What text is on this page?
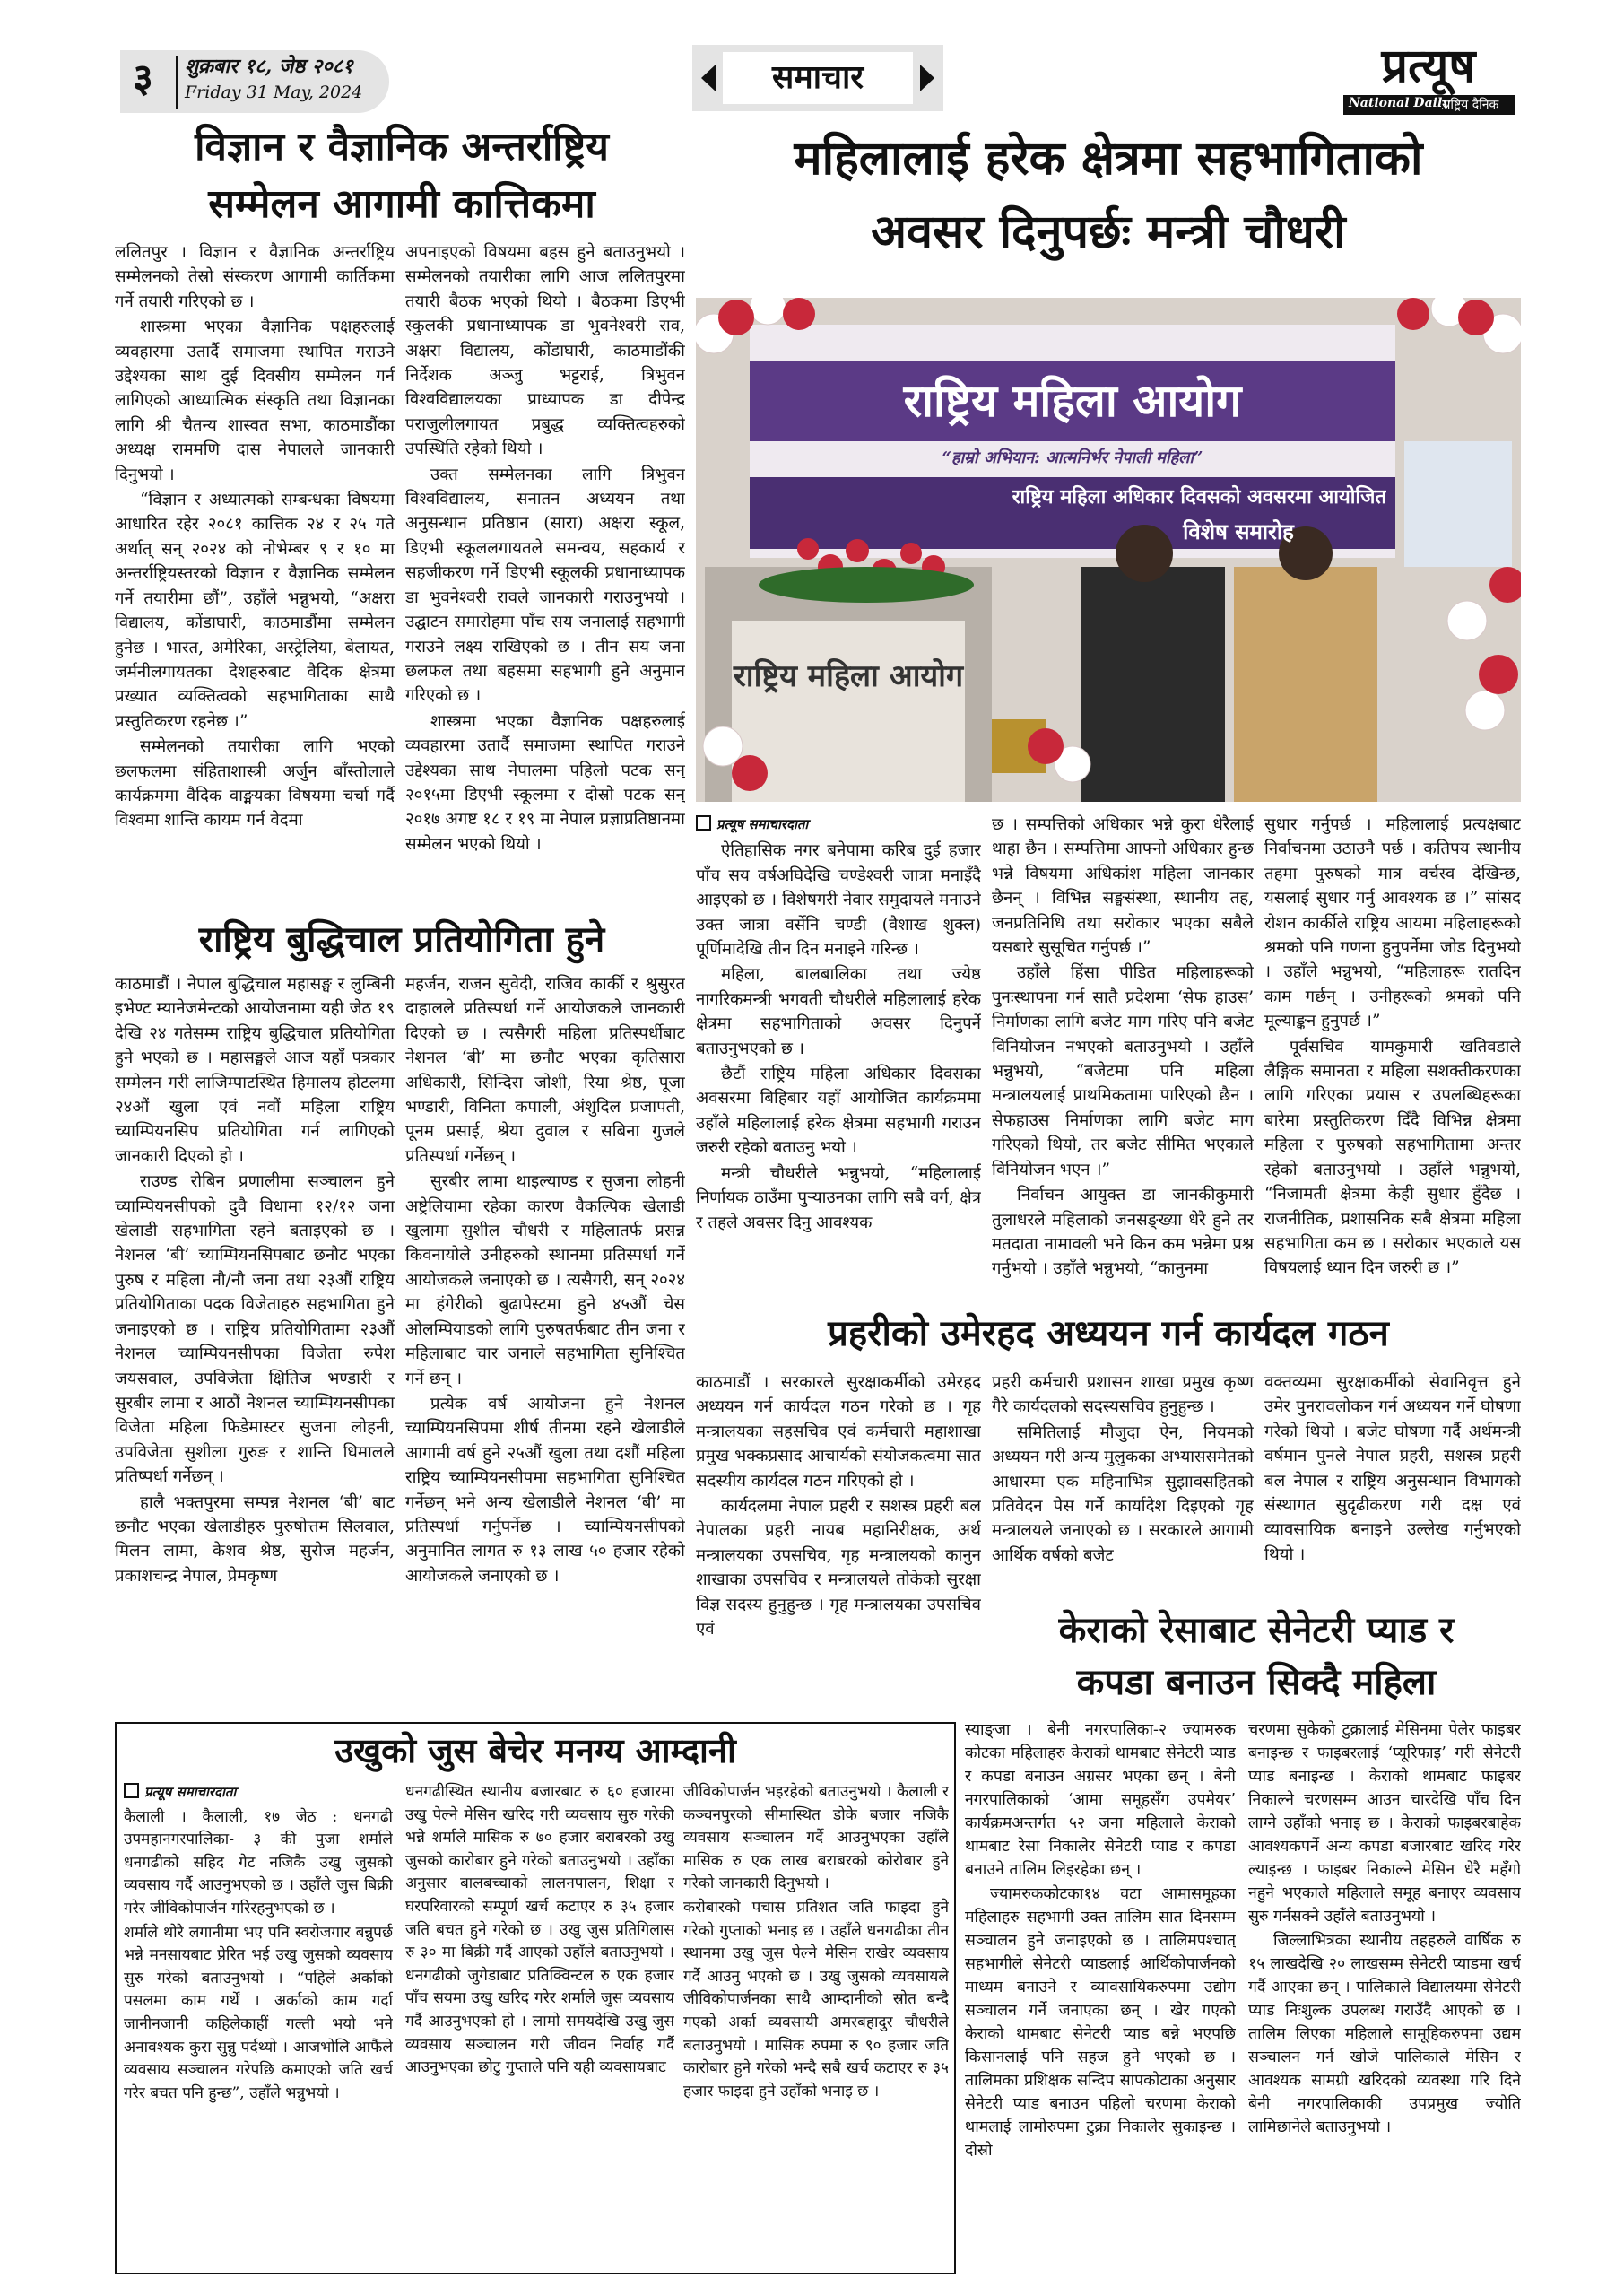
३ शुक्रबार १८, जेष्ठ २०८१
Friday 31 May, 2024	समाचार	प्रत्यूष
National Daily
राष्ट्रिय दैनिक
विज्ञान र वैज्ञानिक अन्तर्राष्ट्रिय
सम्मेलन आगामी कात्तिकमा

ललितपुर । विज्ञान र वैज्ञानिक अन्तर्राष्ट्रिय सम्मेलनको तेस्रो संस्करण आगामी कार्तिकमा गर्ने तयारी गरिएको छ ।

शास्त्रमा भएका वैज्ञानिक पक्षहरुलाई व्यवहारमा उतार्दै समाजमा स्थापित गराउने उद्देश्यका साथ दुई दिवसीय सम्मेलन गर्न लागिएको आध्यात्मिक संस्कृति तथा विज्ञानका लागि श्री चैतन्य शास्वत सभा, काठमाडौंका अध्यक्ष राममणि दास नेपालले जानकारी दिनुभयो ।

“विज्ञान र अध्यात्मको सम्बन्धका विषयमा आधारित रहेर २०८१ कात्तिक २४ र २५ गते अर्थात् सन् २०२४ को नोभेम्बर ९ र १० मा अन्तर्राष्ट्रियस्तरको विज्ञान र वैज्ञानिक सम्मेलन गर्ने तयारीमा छौं”, उहाँले भन्नुभयो, “अक्षरा विद्यालय, कोंडाघारी, काठमाडौंमा सम्मेलन हुनेछ । भारत, अमेरिका, अस्ट्रेलिया, बेलायत, जर्मनीलगायतका देशहरुबाट वैदिक क्षेत्रमा प्रख्यात व्यक्तित्वको सहभागिताका साथै प्रस्तुतिकरण रहनेछ ।”

सम्मेलनको तयारीका लागि भएको छलफलमा संहिताशास्त्री अर्जुन बाँस्तोलाले कार्यक्रममा वैदिक वाङ्मयका विषयमा चर्चा गर्दै विश्वमा शान्ति कायम गर्न वेदमा

अपनाइएको विषयमा बहस हुने बताउनुभयो । सम्मेलनको तयारीका लागि आज ललितपुरमा तयारी बैठक भएको थियो । बैठकमा डिएभी स्कुलकी प्रधानाध्यापक डा भुवनेश्वरी राव, अक्षरा विद्यालय, कोंडाघारी, काठमाडौंकी निर्देशक अञ्जु भट्टराई, त्रिभुवन विश्वविद्यालयका प्राध्यापक डा दीपेन्द्र पराजुलीलगायत प्रबुद्ध व्यक्तित्वहरुको उपस्थिति रहेको थियो ।

उक्त सम्मेलनका लागि त्रिभुवन विश्वविद्यालय, सनातन अध्ययन तथा अनुसन्धान प्रतिष्ठान (सारा) अक्षरा स्कूल, डिएभी स्कूललगायतले समन्वय, सहकार्य र सहजीकरण गर्ने डिएभी स्कूलकी प्रधानाध्यापक डा भुवनेश्वरी रावले जानकारी गराउनुभयो । उद्घाटन समारोहमा पाँच सय जनालाई सहभागी गराउने लक्ष्य राखिएको छ । तीन सय जना छलफल तथा बहसमा सहभागी हुने अनुमान गरिएको छ ।

शास्त्रमा भएका वैज्ञानिक पक्षहरुलाई व्यवहारमा उतार्दै समाजमा स्थापित गराउने उद्देश्यका साथ नेपालमा पहिलो पटक सन् २०१५मा डिएभी स्कूलमा र दोस्रो पटक सन् २०१७ अगष्ट १८ र १९ मा नेपाल प्रज्ञाप्रतिष्ठानमा सम्मेलन भएको थियो ।

राष्ट्रिय बुद्धिचाल प्रतियोगिता हुने

काठमाडौं । नेपाल बुद्धिचाल महासङ्घ र लुम्बिनी इभेण्ट म्यानेजमेन्टको आयोजनामा यही जेठ १९ देखि २४ गतेसम्म राष्ट्रिय बुद्धिचाल प्रतियोगिता हुने भएको छ । महासङ्घले आज यहाँ पत्रकार सम्मेलन गरी लाजिम्पाटस्थित हिमालय होटलमा २४औं खुला एवं नवौं महिला राष्ट्रिय च्याम्पियनसिप प्रतियोगिता गर्न लागिएको जानकारी दिएको हो ।

राउण्ड रोबिन प्रणालीमा सञ्चालन हुने च्याम्पियनसीपको दुवै विधामा १२/१२ जना खेलाडी सहभागिता रहने बताइएको छ । नेशनल ‘बी’ च्याम्पियनसिपबाट छनौट भएका पुरुष र महिला नौ/नौ जना तथा २३औं राष्ट्रिय प्रतियोगिताका पदक विजेताहरु सहभागिता हुने जनाइएको छ । राष्ट्रिय प्रतियोगितामा २३औं नेशनल च्याम्पियनसीपका विजेता रुपेश जयसवाल, उपविजेता क्षितिज भण्डारी र सुरबीर लामा र आठौं नेशनल च्याम्पियनसीपका विजेता महिला फिडेमास्टर सुजना लोहनी, उपविजेता सुशीला गुरुङ र शान्ति धिमालले प्रतिष्पर्धा गर्नेछन् ।

हालै भक्तपुरमा सम्पन्न नेशनल ‘बी’ बाट छनौट भएका खेलाडीहरु पुरुषोत्तम सिलवाल, मिलन लामा, केशव श्रेष्ठ, सुरोज महर्जन, प्रकाशचन्द्र नेपाल, प्रेमकृष्ण

महर्जन, राजन सुवेदी, राजिव कार्की र श्रुसुरत दाहालले प्रतिस्पर्धा गर्ने आयोजकले जानकारी दिएको छ । त्यसैगरी महिला प्रतिस्पर्धीबाट नेशनल ‘बी’ मा छनौट भएका कृतिसारा अधिकारी, सिन्दिरा जोशी, रिया श्रेष्ठ, पूजा भण्डारी, विनिता कपाली, अंशुदिल प्रजापती, पूनम प्रसाई, श्रेया दुवाल र सबिना गुजले प्रतिस्पर्धा गर्नेछन् ।

सुरबीर लामा थाइल्याण्ड र सुजना लोहनी अष्ट्रेलियामा रहेका कारण वैकल्पिक खेलाडी खुलामा सुशील चौधरी र महिलातर्फ प्रसन्न किवनायोले उनीहरुको स्थानमा प्रतिस्पर्धा गर्ने आयोजकले जनाएको छ । त्यसैगरी, सन् २०२४ मा हंगेरीको बुढापेस्टमा हुने ४५औं चेस ओलम्पियाडको लागि पुरुषतर्फबाट तीन जना र महिलाबाट चार जनाले सहभागिता सुनिश्चित गर्ने छन् ।

प्रत्येक वर्ष आयोजना हुने नेशनल च्याम्पियनसिपमा शीर्ष तीनमा रहने खेलाडीले आगामी वर्ष हुने २५औं खुला तथा दशौं महिला राष्ट्रिय च्याम्पियनसीपमा सहभागिता सुनिश्चित गर्नेछन् भने अन्य खेलाडीले नेशनल ‘बी’ मा प्रतिस्पर्धा गर्नुपर्नेछ । च्याम्पियनसीपको अनुमानित लागत रु १३ लाख ५० हजार रहेको आयोजकले जनाएको छ ।

महिलालाई हरेक क्षेत्रमा सहभागिताको
अवसर दिनुपर्छः मन्त्री चौधरी
राष्ट्रिय महिला आयोग
“हाम्रो अभियान: आत्मनिर्भर नेपाली महिला”
राष्ट्रिय महिला अधिकार दिवसको अवसरमा आयोजित
विशेष समारोह
राष्ट्रिय महिला आयोग
प्रत्यूष समाचारदाता

ऐतिहासिक नगर बनेपामा करिब दुई हजार पाँच सय वर्षअघिदेखि चण्डेश्वरी जात्रा मनाइँदै आइएको छ । विशेषगरी नेवार समुदायले मनाउने उक्त जात्रा वर्सेनि चण्डी (वैशाख शुक्ल) पूर्णिमादेखि तीन दिन मनाइने गरिन्छ ।

महिला, बालबालिका तथा ज्येष्ठ नागरिकमन्त्री भगवती चौधरीले महिलालाई हरेक क्षेत्रमा सहभागिताको अवसर दिनुपर्ने बताउनुभएको छ ।

छैटौं राष्ट्रिय महिला अधिकार दिवसका अवसरमा बिहिबार यहाँ आयोजित कार्यक्रममा उहाँले महिलालाई हरेक क्षेत्रमा सहभागी गराउन जरुरी रहेको बताउनु भयो ।

मन्त्री चौधरीले भन्नुभयो, “महिलालाई निर्णायक ठाउँमा पुऱ्याउनका लागि सबै वर्ग, क्षेत्र र तहले अवसर दिनु आवश्यक

छ । सम्पत्तिको अधिकार भन्ने कुरा धेरैलाई थाहा छैन । सम्पत्तिमा आफ्नो अधिकार हुन्छ भन्ने विषयमा अधिकांश महिला जानकार छैनन् । विभिन्न सङ्घसंस्था, स्थानीय तह, जनप्रतिनिधि तथा सरोकार भएका सबैले यसबारे सुसूचित गर्नुपर्छ ।”

उहाँले हिंसा पीडित महिलाहरूको पुनःस्थापना गर्न सातै प्रदेशमा ‘सेफ हाउस’ निर्माणका लागि बजेट माग गरिए पनि बजेट विनियोजन नभएको बताउनुभयो । उहाँले भन्नुभयो, “बजेटमा पनि महिला मन्त्रालयलाई प्राथमिकतामा पारिएको छैन । सेफहाउस निर्माणका लागि बजेट माग गरिएको थियो, तर बजेट सीमित भएकाले विनियोजन भएन ।”

निर्वाचन आयुक्त डा जानकीकुमारी तुलाधरले महिलाको जनसङ्ख्या धेरै हुने तर मतदाता नामावली भने किन कम भन्नेमा प्रश्न गर्नुभयो । उहाँले भन्नुभयो, “कानुनमा

सुधार गर्नुपर्छ । महिलालाई प्रत्यक्षबाट निर्वाचनमा उठाउनै पर्छ । कतिपय स्थानीय तहमा पुरुषको मात्र वर्चस्व देखिन्छ, यसलाई सुधार गर्नु आवश्यक छ ।” सांसद रोशन कार्कीले राष्ट्रिय आयमा महिलाहरूको श्रमको पनि गणना हुनुपर्नेमा जोड दिनुभयो । उहाँले भन्नुभयो, “महिलाहरू रातदिन काम गर्छन् । उनीहरूको श्रमको पनि मूल्याङ्कन हुनुपर्छ ।”

पूर्वसचिव यामकुमारी खतिवडाले लैङ्गिक समानता र महिला सशक्तीकरणका लागि गरिएका प्रयास र उपलब्धिहरूका बारेमा प्रस्तुतिकरण दिँदै विभिन्न क्षेत्रमा महिला र पुरुषको सहभागितामा अन्तर रहेको बताउनुभयो । उहाँले भन्नुभयो, “निजामती क्षेत्रमा केही सुधार हुँदैछ । राजनीतिक, प्रशासनिक सबै क्षेत्रमा महिला सहभागिता कम छ । सरोकार भएकाले यस विषयलाई ध्यान दिन जरुरी छ ।”

प्रहरीको उमेरहद अध्ययन गर्न कार्यदल गठन

काठमाडौं । सरकारले सुरक्षाकर्मीको उमेरहद अध्ययन गर्न कार्यदल गठन गरेको छ । गृह मन्त्रालयका सहसचिव एवं कर्मचारी महाशाखा प्रमुख भक्कप्रसाद आचार्यको संयोजकत्वमा सात सदस्यीय कार्यदल गठन गरिएको हो ।

कार्यदलमा नेपाल प्रहरी र सशस्त्र प्रहरी बल नेपालका प्रहरी नायब महानिरीक्षक, अर्थ मन्त्रालयका उपसचिव, गृह मन्त्रालयको कानुन शाखाका उपसचिव र मन्त्रालयले तोकेको सुरक्षा विज्ञ सदस्य हुनुहुन्छ । गृह मन्त्रालयका उपसचिव एवं

प्रहरी कर्मचारी प्रशासन शाखा प्रमुख कृष्ण गैरे कार्यदलको सदस्यसचिव हुनुहुन्छ ।

समितिलाई मौजुदा ऐन, नियमको अध्ययन गरी अन्य मुलुकका अभ्याससमेतको आधारमा एक महिनाभित्र सुझावसहितको प्रतिवेदन पेस गर्ने कार्यादेश दिइएको गृह मन्त्रालयले जनाएको छ । सरकारले आगामी आर्थिक वर्षको बजेट

वक्तव्यमा सुरक्षाकर्मीको सेवानिवृत्त हुने उमेर पुनरावलोकन गर्न अध्ययन गर्ने घोषणा गरेको थियो । बजेट घोषणा गर्दै अर्थमन्त्री वर्षमान पुनले नेपाल प्रहरी, सशस्त्र प्रहरी बल नेपाल र राष्ट्रिय अनुसन्धान विभागको संस्थागत सुदृढीकरण गरी दक्ष एवं व्यावसायिक बनाइने उल्लेख गर्नुभएको थियो ।

केराको रेसाबाट सेनेटरी प्याड र
कपडा बनाउन सिक्दै महिला

स्याङ्जा । बेनी नगरपालिका-२ ज्यामरुक कोटका महिलाहरु केराको थामबाट सेनेटरी प्याड र कपडा बनाउन अग्रसर भएका छन् । बेनी नगरपालिकाको ‘आमा समूहसँग उपमेयर’ कार्यक्रमअन्तर्गत ५२ जना महिलाले केराको थामबाट रेसा निकालेर सेनेटरी प्याड र कपडा बनाउने तालिम लिइरहेका छन् ।

ज्यामरुककोटका१४ वटा आमासमूहका महिलाहरु सहभागी उक्त तालिम सात दिनसम्म सञ्चालन हुने जनाइएको छ । तालिमपश्चात् सहभागीले सेनेटरी प्याडलाई आर्थिकोपार्जनको माध्यम बनाउने र व्यावसायिकरुपमा उद्योग सञ्चालन गर्ने जनाएका छन् । खेर गएको केराको थामबाट सेनेटरी प्याड बन्ने भएपछि किसानलाई पनि सहज हुने भएको छ । तालिमका प्रशिक्षक सन्दिप सापकोटाका अनुसार सेनेटरी प्याड बनाउन पहिलो चरणमा केराको थामलाई लामोरुपमा टुक्रा निकालेर सुकाइन्छ । दोस्रो

चरणमा सुकेको टुक्रालाई मेसिनमा पेलेर फाइबर बनाइन्छ र फाइबरलाई ‘प्यूरिफाइ’ गरी सेनेटरी प्याड बनाइन्छ । केराको थामबाट फाइबर निकाल्ने चरणसम्म आउन चारदेखि पाँच दिन लाग्ने उहाँको भनाइ छ । केराको फाइबरबाहेक आवश्यकपर्ने अन्य कपडा बजारबाट खरिद गरेर ल्याइन्छ । फाइबर निकाल्ने मेसिन धेरै महँगो नहुने भएकाले महिलाले समूह बनाएर व्यवसाय सुरु गर्नसक्ने उहाँले बताउनुभयो ।

जिल्लाभित्रका स्थानीय तहहरुले वार्षिक रु १५ लाखदेखि २० लाखसम्म सेनेटरी प्याडमा खर्च गर्दै आएका छन् । पालिकाले विद्यालयमा सेनेटरी प्याड निःशुल्क उपलब्ध गराउँदै आएको छ । तालिम लिएका महिलाले सामूहिकरुपमा उद्यम सञ्चालन गर्न खोजे पालिकाले मेसिन र आवश्यक सामग्री खरिदको व्यवस्था गरि दिने बेनी नगरपालिकाकी उपप्रमुख ज्योति लामिछानेले बताउनुभयो ।

उखुको जुस बेचेर मनग्य आम्दानी
प्रत्यूष समाचारदाता

कैलाली । कैलाली, १७ जेठ : धनगढी उपमहानगरपालिका- ३ की पुजा शर्माले धनगढीको सहिद गेट नजिकै उखु जुसको व्यवसाय गर्दै आउनुभएको छ । उहाँले जुस बिक्री गरेर जीविकोपार्जन गरिरहनुभएको छ ।

शर्माले थोरै लगानीमा भए पनि स्वरोजगार बन्नुपर्छ भन्ने मनसायबाट प्रेरित भई उखु जुसको व्यवसाय सुरु गरेको बताउनुभयो । “पहिले अर्काको पसलमा काम गर्थें । अर्काको काम गर्दा जानीनजानी कहिलेकाहीं गल्ती भयो भने अनावश्यक कुरा सुन्नु पर्दथ्यो । आजभोलि आफैंले व्यवसाय सञ्चालन गरेपछि कमाएको जति खर्च गरेर बचत पनि हुन्छ”, उहाँले भन्नुभयो ।

धनगढीस्थित स्थानीय बजारबाट रु ६० हजारमा उखु पेल्ने मेसिन खरिद गरी व्यवसाय सुरु गरेकी भन्ने शर्माले मासिक रु ७० हजार बराबरको उखु जुसको कारोबार हुने गरेको बताउनुभयो । उहाँका अनुसार बालबच्चाको लालनपालन, शिक्षा र घरपरिवारको सम्पूर्ण खर्च कटाएर रु ३५ हजार जति बचत हुने गरेको छ । उखु जुस प्रतिगिलास रु ३० मा बिक्री गर्दै आएको उहाँले बताउनुभयो । धनगढीको जुगेडाबाट प्रतिक्विन्टल रु एक हजार पाँच सयमा उखु खरिद गरेर शर्माले जुस व्यवसाय गर्दै आउनुभएको हो । लामो समयदेखि उखु जुस व्यवसाय सञ्चालन गरी जीवन निर्वाह गर्दै आउनुभएका छोटु गुप्ताले पनि यही व्यवसायबाट

जीविकोपार्जन भइरहेको बताउनुभयो । कैलाली र कञ्चनपुरको सीमास्थित डोके बजार नजिकै व्यवसाय सञ्चालन गर्दै आउनुभएका उहाँले मासिक रु एक लाख बराबरको कोरोबार हुने गरेको जानकारी दिनुभयो ।

करोबारको पचास प्रतिशत जति फाइदा हुने गरेको गुप्ताको भनाइ छ । उहाँले धनगढीका तीन स्थानमा उखु जुस पेल्ने मेसिन राखेर व्यवसाय गर्दै आउनु भएको छ । उखु जुसको व्यवसायले जीविकोपार्जनका साथै आम्दानीको स्रोत बन्दै गएको अर्का व्यवसायी अमरबहादुर चौधरीले बताउनुभयो । मासिक रुपमा रु ९० हजार जति कारोबार हुने गरेको भन्दै सबै खर्च कटाएर रु ३५ हजार फाइदा हुने उहाँको भनाइ छ ।
